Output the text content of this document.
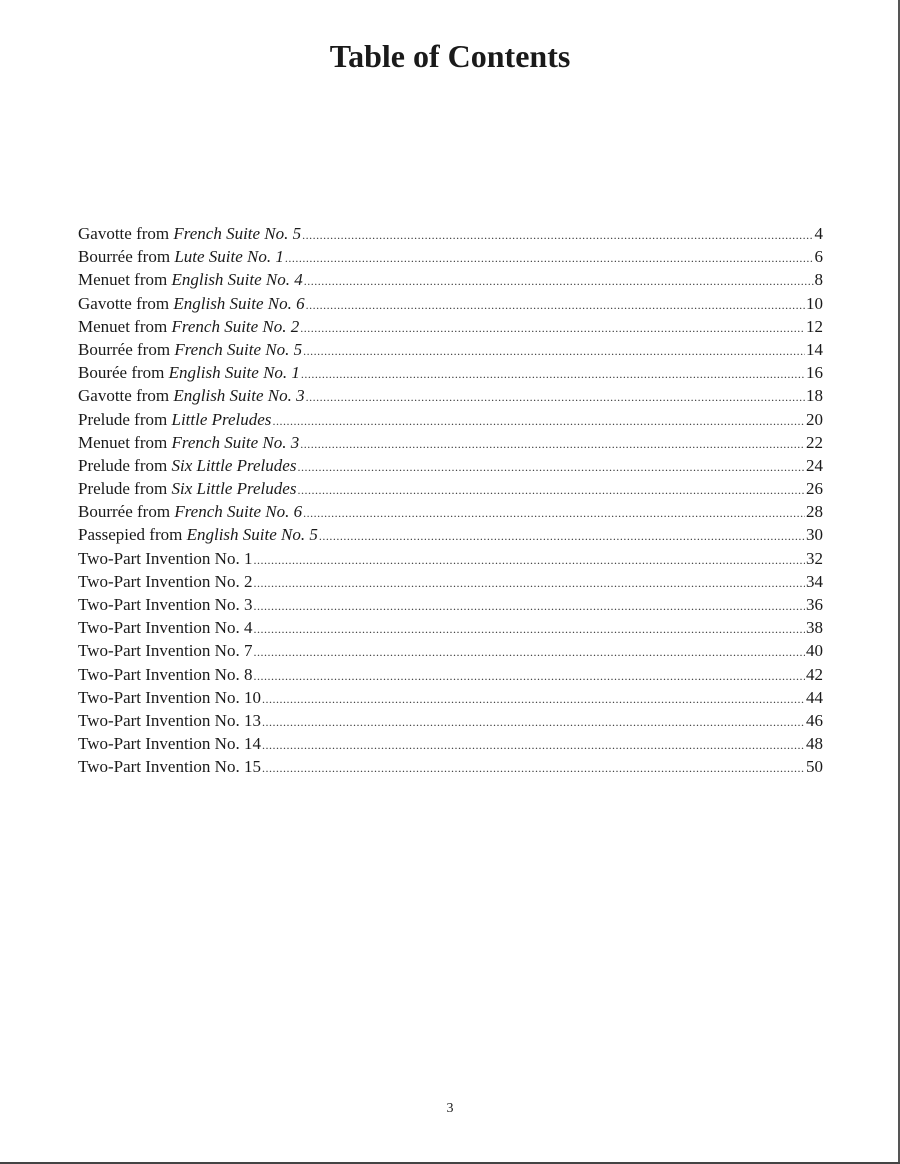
Table of Contents
Gavotte from French Suite No. 5 .....	4
Bourrée from Lute Suite No. 1 .....	6
Menuet from English Suite No. 4 .....	8
Gavotte from English Suite No. 6 .....	10
Menuet from French Suite No. 2 .....	12
Bourrée from French Suite No. 5 .....	14
Bourée from English Suite No. 1 .....	16
Gavotte from English Suite No. 3 .....	18
Prelude from Little Preludes .....	20
Menuet from French Suite No. 3 .....	22
Prelude from Six Little Preludes .....	24
Prelude from Six Little Preludes .....	26
Bourrée from French Suite No. 6 .....	28
Passepied from English Suite No. 5 .....	30
Two-Part Invention No. 1 .....	32
Two-Part Invention No. 2 .....	34
Two-Part Invention No. 3 .....	36
Two-Part Invention No. 4 .....	38
Two-Part Invention No. 7 .....	40
Two-Part Invention No. 8 .....	42
Two-Part Invention No. 10 .....	44
Two-Part Invention No. 13 .....	46
Two-Part Invention No. 14 .....	48
Two-Part Invention No. 15 .....	50
3
